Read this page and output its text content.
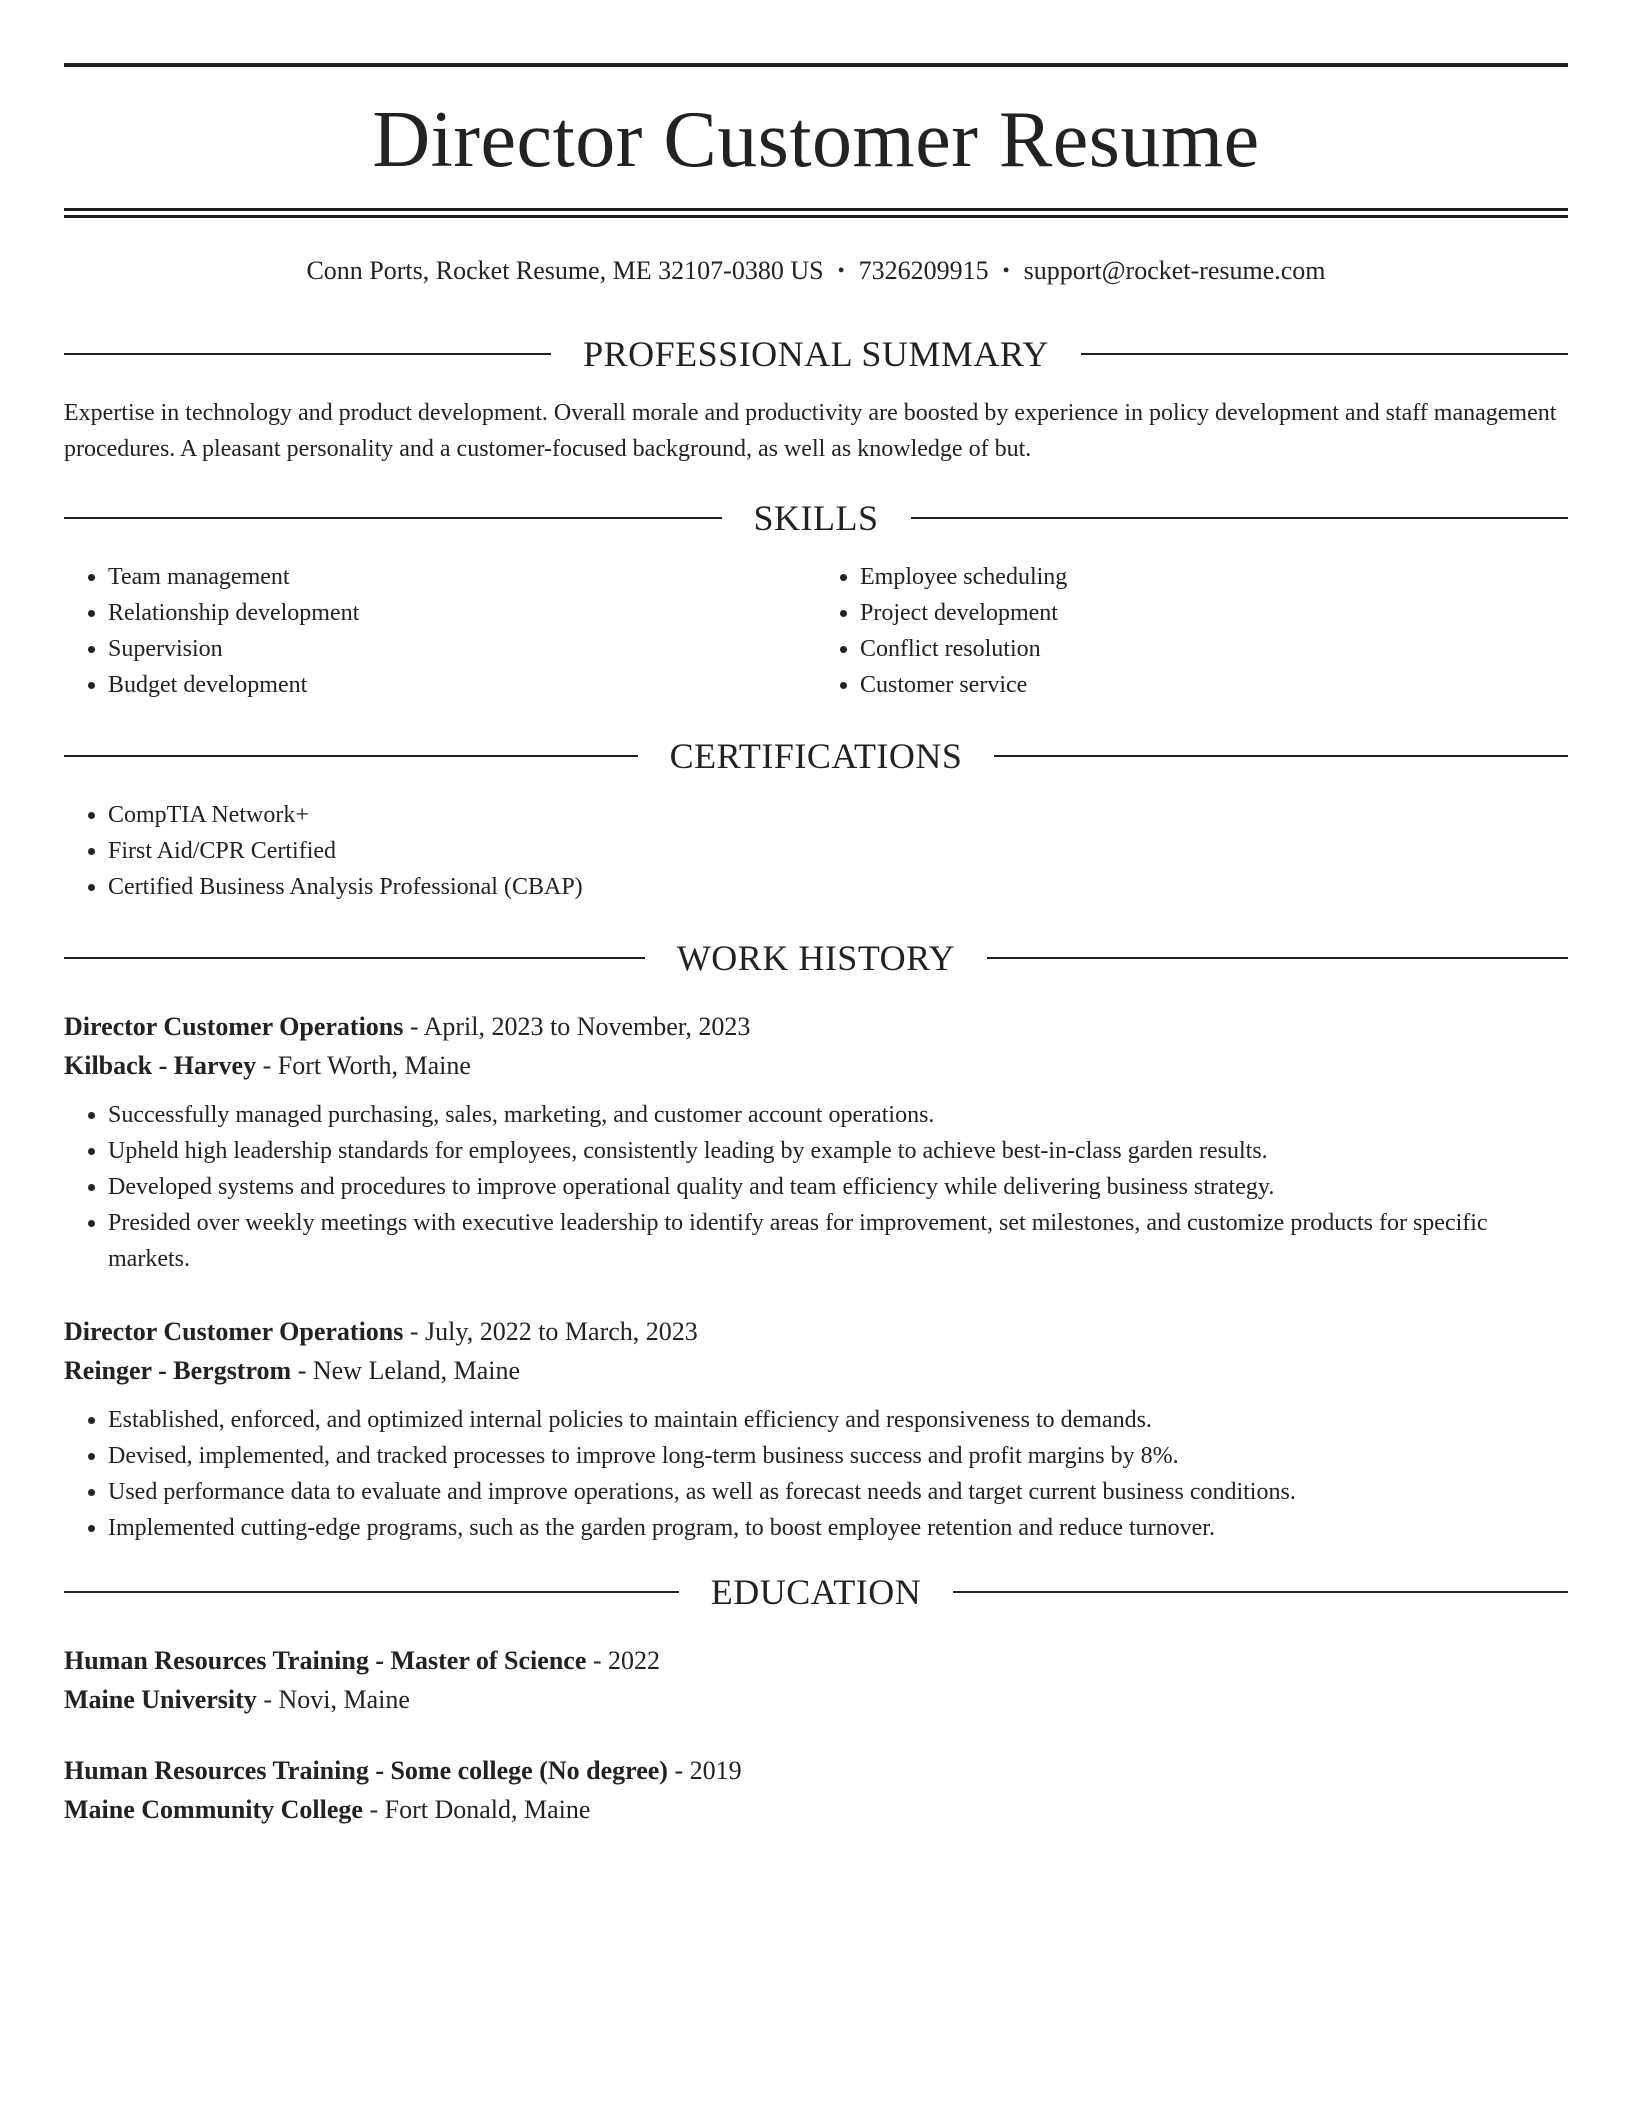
Director Customer Resume
Conn Ports, Rocket Resume, ME 32107-0380 US • 7326209915 • support@rocket-resume.com
PROFESSIONAL SUMMARY
Expertise in technology and product development. Overall morale and productivity are boosted by experience in policy development and staff management procedures. A pleasant personality and a customer-focused background, as well as knowledge of but.
SKILLS
• Team management
• Relationship development
• Supervision
• Budget development
• Employee scheduling
• Project development
• Conflict resolution
• Customer service
CERTIFICATIONS
• CompTIA Network+
• First Aid/CPR Certified
• Certified Business Analysis Professional (CBAP)
WORK HISTORY
Director Customer Operations - April, 2023 to November, 2023
Kilback - Harvey - Fort Worth, Maine
• Successfully managed purchasing, sales, marketing, and customer account operations.
• Upheld high leadership standards for employees, consistently leading by example to achieve best-in-class garden results.
• Developed systems and procedures to improve operational quality and team efficiency while delivering business strategy.
• Presided over weekly meetings with executive leadership to identify areas for improvement, set milestones, and customize products for specific markets.
Director Customer Operations - July, 2022 to March, 2023
Reinger - Bergstrom - New Leland, Maine
• Established, enforced, and optimized internal policies to maintain efficiency and responsiveness to demands.
• Devised, implemented, and tracked processes to improve long-term business success and profit margins by 8%.
• Used performance data to evaluate and improve operations, as well as forecast needs and target current business conditions.
• Implemented cutting-edge programs, such as the garden program, to boost employee retention and reduce turnover.
EDUCATION
Human Resources Training - Master of Science - 2022
Maine University - Novi, Maine
Human Resources Training - Some college (No degree) - 2019
Maine Community College - Fort Donald, Maine
